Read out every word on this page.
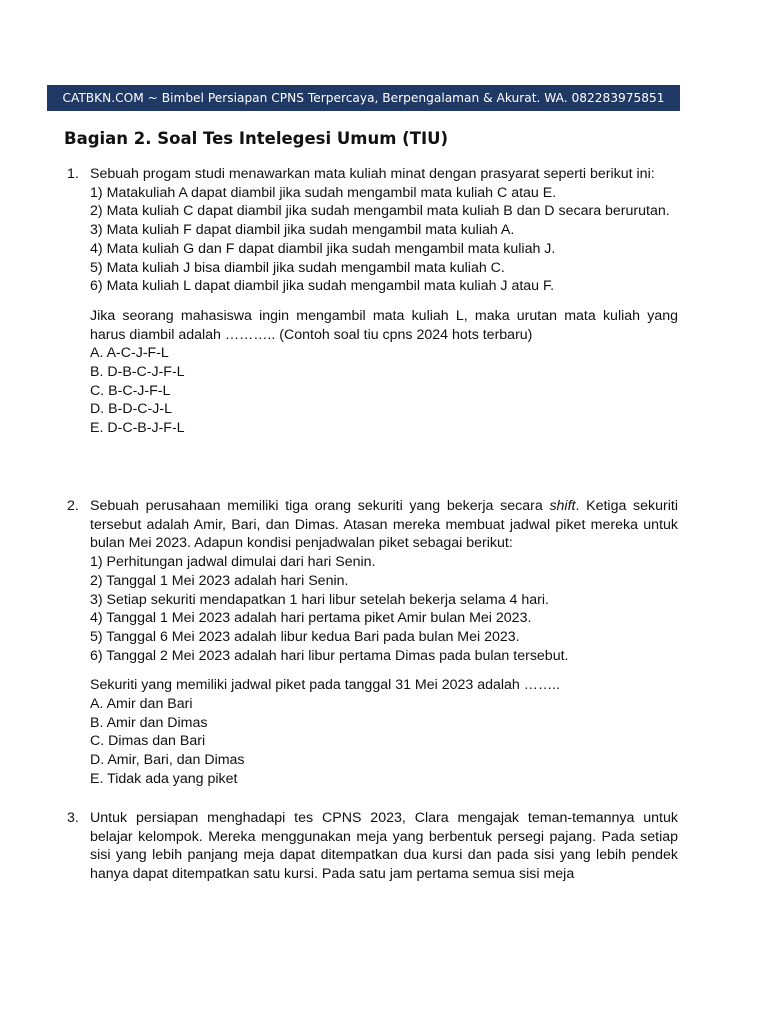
CATBKN.COM ~ Bimbel Persiapan CPNS Terpercaya, Berpengalaman & Akurat. WA. 082283975851
Bagian 2. Soal Tes Intelegesi Umum (TIU)
1. Sebuah progam studi menawarkan mata kuliah minat dengan prasyarat seperti berikut ini:

1) Matakuliah A dapat diambil jika sudah mengambil mata kuliah C atau E.
2) Mata kuliah C dapat diambil jika sudah mengambil mata kuliah B dan D secara berurutan.
3) Mata kuliah F dapat diambil jika sudah mengambil mata kuliah A.
4) Mata kuliah G dan F dapat diambil jika sudah mengambil mata kuliah J.
5) Mata kuliah J bisa diambil jika sudah mengambil mata kuliah C.
6) Mata kuliah L dapat diambil jika sudah mengambil mata kuliah J atau F.

Jika seorang mahasiswa ingin mengambil mata kuliah L, maka urutan mata kuliah yang harus diambil adalah ……….. (Contoh soal tiu cpns 2024 hots terbaru)

A. A-C-J-F-L
B. D-B-C-J-F-L
C. B-C-J-F-L
D. B-D-C-J-L
E. D-C-B-J-F-L
2. Sebuah perusahaan memiliki tiga orang sekuriti yang bekerja secara shift. Ketiga sekuriti tersebut adalah Amir, Bari, dan Dimas. Atasan mereka membuat jadwal piket mereka untuk bulan Mei 2023. Adapun kondisi penjadwalan piket sebagai berikut:

1) Perhitungan jadwal dimulai dari hari Senin.
2) Tanggal 1 Mei 2023 adalah hari Senin.
3) Setiap sekuriti mendapatkan 1 hari libur setelah bekerja selama 4 hari.
4) Tanggal 1 Mei 2023 adalah hari pertama piket Amir bulan Mei 2023.
5) Tanggal 6 Mei 2023 adalah libur kedua Bari pada bulan Mei 2023.
6) Tanggal 2 Mei 2023 adalah hari libur pertama Dimas pada bulan tersebut.

Sekuriti yang memiliki jadwal piket pada tanggal 31 Mei 2023 adalah ……..

A. Amir dan Bari
B. Amir dan Dimas
C. Dimas dan Bari
D. Amir, Bari, dan Dimas
E. Tidak ada yang piket
3. Untuk persiapan menghadapi tes CPNS 2023, Clara mengajak teman-temannya untuk belajar kelompok. Mereka menggunakan meja yang berbentuk persegi pajang. Pada setiap sisi yang lebih panjang meja dapat ditempatkan dua kursi dan pada sisi yang lebih pendek hanya dapat ditempatkan satu kursi. Pada satu jam pertama semua sisi meja
